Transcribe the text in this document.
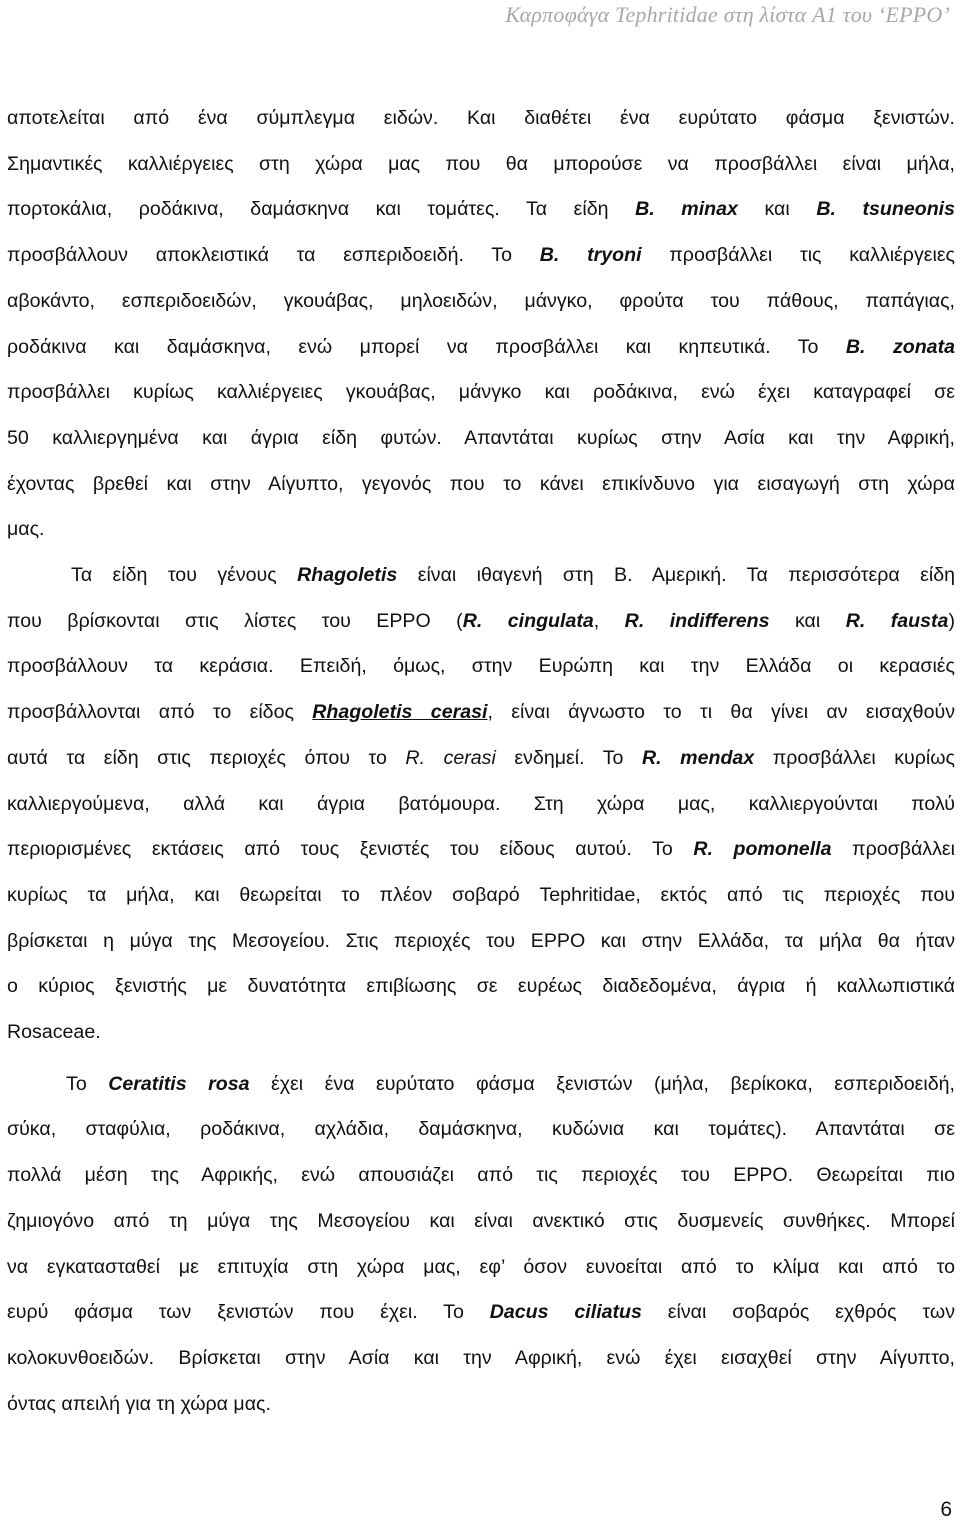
Καρποφάγα Tephritidae στη λίστα A1 του ‘EPPO’

αποτελείται από ένα σύμπλεγμα ειδών. Και διαθέτει ένα ευρύτατο φάσμα ξενιστών.

Σημαντικές καλλιέργειες στη χώρα μας που θα μπορούσε να προσβάλλει είναι μήλα,

πορτοκάλια, ροδάκινα, δαμάσκηνα και τομάτες. Τα είδη B. minax και B. tsuneonis

προσβάλλουν αποκλειστικά τα εσπεριδοειδή. Το B. tryoni προσβάλλει τις καλλιέργειες

αβοκάντο, εσπεριδοειδών, γκουάβας, μηλοειδών, μάνγκο, φρούτα του πάθους, παπάγιας,

ροδάκινα και δαμάσκηνα, ενώ μπορεί να προσβάλλει και κηπευτικά. Το B. zonata

προσβάλλει κυρίως καλλιέργειες γκουάβας, μάνγκο και ροδάκινα, ενώ έχει καταγραφεί σε

50 καλλιεργημένα και άγρια είδη φυτών. Απαντάται κυρίως στην Ασία και την Αφρική,

έχοντας βρεθεί και στην Αίγυπτο, γεγονός που το κάνει επικίνδυνο για εισαγωγή στη χώρα

μας.

Τα είδη του γένους Rhagoletis είναι ιθαγενή στη Β. Αμερική. Τα περισσότερα είδη

που βρίσκονται στις λίστες του EPPO (R. cingulata, R. indifferens και R. fausta)

προσβάλλουν τα κεράσια. Επειδή, όμως, στην Ευρώπη και την Ελλάδα οι κερασιές

προσβάλλονται από το είδος Rhagoletis cerasi, είναι άγνωστο το τι θα γίνει αν εισαχθούν

αυτά τα είδη στις περιοχές όπου το R. cerasi ενδημεί. Το R. mendax προσβάλλει κυρίως

καλλιεργούμενα, αλλά και άγρια βατόμουρα. Στη χώρα μας, καλλιεργούνται πολύ

περιορισμένες εκτάσεις από τους ξενιστές του είδους αυτού. Το R. pomonella προσβάλλει

κυρίως τα μήλα, και θεωρείται το πλέον σοβαρό Tephritidae, εκτός από τις περιοχές που

βρίσκεται η μύγα της Μεσογείου. Στις περιοχές του EPPO και στην Ελλάδα, τα μήλα θα ήταν

ο κύριος ξενιστής με δυνατότητα επιβίωσης σε ευρέως διαδεδομένα, άγρια ή καλλωπιστικά

Rosaceae.

Το Ceratitis rosa έχει ένα ευρύτατο φάσμα ξενιστών (μήλα, βερίκοκα, εσπεριδοειδή,

σύκα, σταφύλια, ροδάκινα, αχλάδια, δαμάσκηνα, κυδώνια και τομάτες). Απαντάται σε

πολλά μέση της Αφρικής, ενώ απουσιάζει από τις περιοχές του EPPO. Θεωρείται πιο

ζημιογόνο από τη μύγα της Μεσογείου και είναι ανεκτικό στις δυσμενείς συνθήκες. Μπορεί

να εγκατασταθεί με επιτυχία στη χώρα μας, εφ’ όσον ευνοείται από το κλίμα και από το

ευρύ φάσμα των ξενιστών που έχει. Το Dacus ciliatus είναι σοβαρός εχθρός των

κολοκυνθοειδών. Βρίσκεται στην Ασία και την Αφρική, ενώ έχει εισαχθεί στην Αίγυπτο,

όντας απειλή για τη χώρα μας.

6
